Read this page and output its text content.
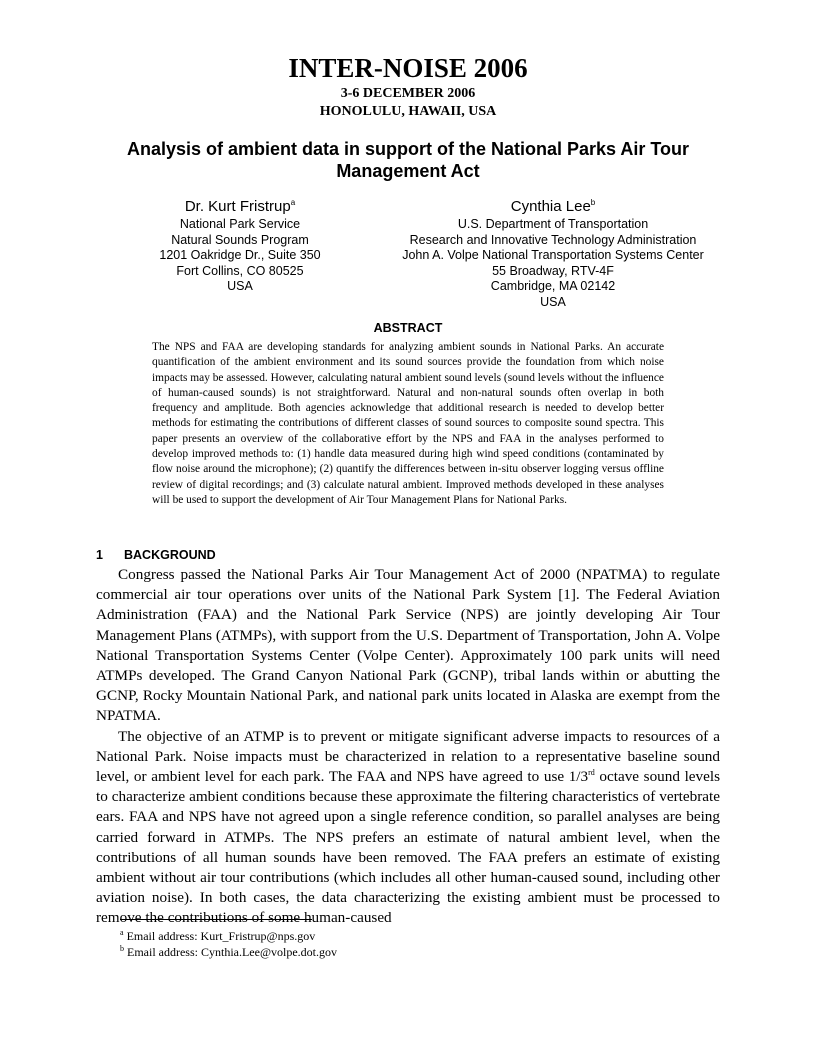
INTER-NOISE 2006
3-6 DECEMBER 2006
HONOLULU, HAWAII, USA
Analysis of ambient data in support of the National Parks Air Tour Management Act
Dr. Kurt Fristrup$^a$
National Park Service
Natural Sounds Program
1201 Oakridge Dr., Suite 350
Fort Collins, CO 80525
USA
Cynthia Lee$^b$
U.S. Department of Transportation
Research and Innovative Technology Administration
John A. Volpe National Transportation Systems Center
55 Broadway, RTV-4F
Cambridge, MA 02142
USA
ABSTRACT
The NPS and FAA are developing standards for analyzing ambient sounds in National Parks. An accurate quantification of the ambient environment and its sound sources provide the foundation from which noise impacts may be assessed. However, calculating natural ambient sound levels (sound levels without the influence of human-caused sounds) is not straightforward. Natural and non-natural sounds often overlap in both frequency and amplitude. Both agencies acknowledge that additional research is needed to develop better methods for estimating the contributions of different classes of sound sources to composite sound spectra. This paper presents an overview of the collaborative effort by the NPS and FAA in the analyses performed to develop improved methods to: (1) handle data measured during high wind speed conditions (contaminated by flow noise around the microphone); (2) quantify the differences between in-situ observer logging versus offline review of digital recordings; and (3) calculate natural ambient. Improved methods developed in these analyses will be used to support the development of Air Tour Management Plans for National Parks.
1 BACKGROUND

Congress passed the National Parks Air Tour Management Act of 2000 (NPATMA) to regulate commercial air tour operations over units of the National Park System [1]. The Federal Aviation Administration (FAA) and the National Park Service (NPS) are jointly developing Air Tour Management Plans (ATMPs), with support from the U.S. Department of Transportation, John A. Volpe National Transportation Systems Center (Volpe Center). Approximately 100 park units will need ATMPs developed. The Grand Canyon National Park (GCNP), tribal lands within or abutting the GCNP, Rocky Mountain National Park, and national park units located in Alaska are exempt from the NPATMA.

The objective of an ATMP is to prevent or mitigate significant adverse impacts to resources of a National Park. Noise impacts must be characterized in relation to a representative baseline sound level, or ambient level for each park. The FAA and NPS have agreed to use 1/3rd octave sound levels to characterize ambient conditions because these approximate the filtering characteristics of vertebrate ears. FAA and NPS have not agreed upon a single reference condition, so parallel analyses are being carried forward in ATMPs. The NPS prefers an estimate of natural ambient level, when the contributions of all human sounds have been removed. The FAA prefers an estimate of existing ambient without air tour contributions (which includes all other human-caused sound, including other aviation noise). In both cases, the data characterizing the existing ambient must be processed to remove the contributions of some human-caused

$^a$ Email address: Kurt_Fristrup@nps.gov
$^b$ Email address: Cynthia.Lee@volpe.dot.gov
